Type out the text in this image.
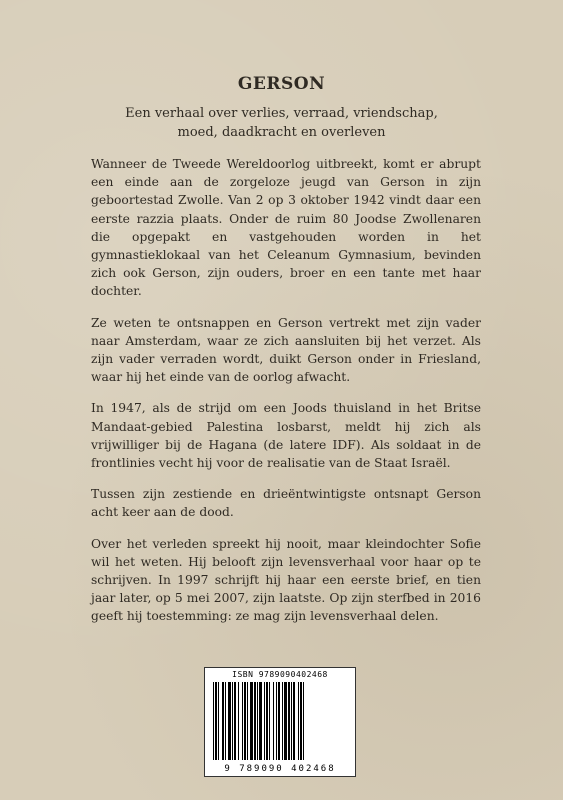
GERSON
Een verhaal over verlies, verraad, vriendschap,
moed, daadkracht en overleven

Wanneer de Tweede Wereldoorlog uitbreekt, komt er abrupt een einde aan de zorgeloze jeugd van Gerson in zijn geboortestad Zwolle. Van 2 op 3 oktober 1942 vindt daar een eerste razzia plaats. Onder de ruim 80 Joodse Zwollenaren die opgepakt en vastgehouden worden in het gymnastieklokaal van het Celeanum Gymnasium, bevinden zich ook Gerson, zijn ouders, broer en een tante met haar dochter.

Ze weten te ontsnappen en Gerson vertrekt met zijn vader naar Amsterdam, waar ze zich aansluiten bij het verzet. Als zijn vader verraden wordt, duikt Gerson onder in Friesland, waar hij het einde van de oorlog afwacht.

In 1947, als de strijd om een Joods thuisland in het Britse Mandaat-gebied Palestina losbarst, meldt hij zich als vrijwilliger bij de Hagana (de latere IDF). Als soldaat in de frontlinies vecht hij voor de realisatie van de Staat Israël.

Tussen zijn zestiende en drieëntwintigste ontsnapt Gerson acht keer aan de dood.

Over het verleden spreekt hij nooit, maar kleindochter Sofie wil het weten. Hij belooft zijn levensverhaal voor haar op te schrijven. In 1997 schrijft hij haar een eerste brief, en tien jaar later, op 5 mei 2007, zijn laatste. Op zijn sterfbed in 2016 geeft hij toestemming: ze mag zijn levensverhaal delen.

ISBN 9789090402468
9 789090 402468
